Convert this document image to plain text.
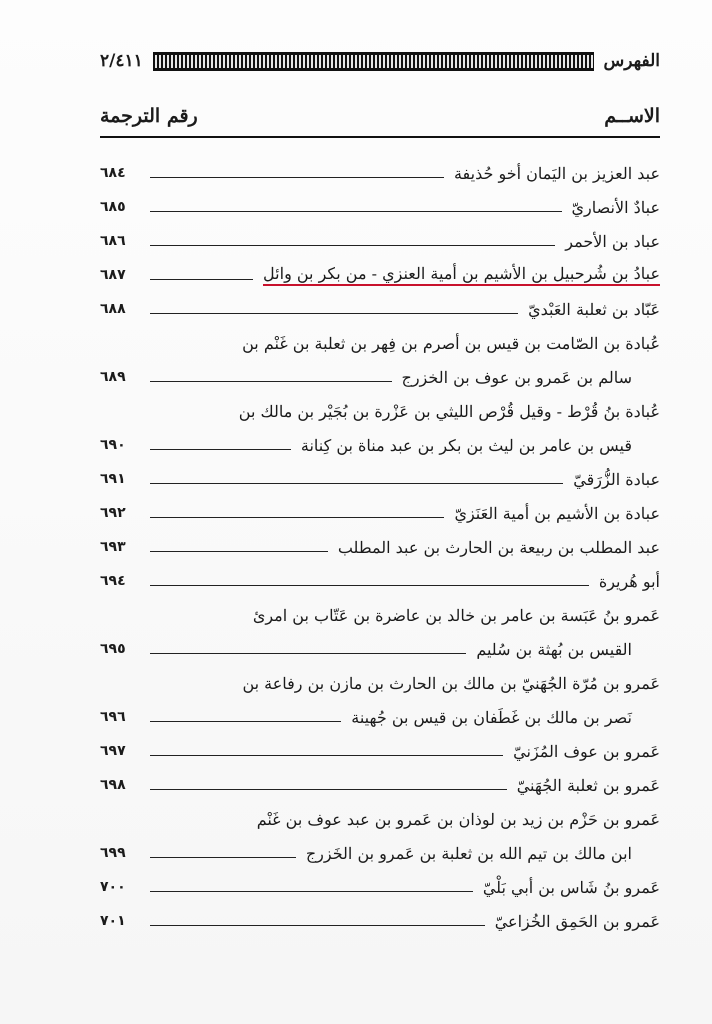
الفهرس
٢/٤١١
الاســم
رقم الترجمة
عبد العزيز بن اليَمان أخو حُذيفة
٦٨٤
عبادٌ الأنصاريّ
٦٨٥
عباد بن الأحمر
٦٨٦
عبادُ بن شُرحبيل بن الأشيم بن أمية العنزي - من بكر بن وائل
٦٨٧
عَبّاد بن ثعلبة العَبْديّ
٦٨٨
عُبادة بن الصّامت بن قيس بن أصرم بن فِهر بن ثعلبة بن غَنْم بن
سالم بن عَمرو بن عوف بن الخزرج
٦٨٩
عُبادة بنُ قُرْط - وقيل قُرْص الليثي بن عَزْرة بن بُجَيْر بن مالك بن
قيس بن عامر بن ليث بن بكر بن عبد مناة بن كِنانة
٦٩٠
عبادة الزُّرَقيّ
٦٩١
عبادة بن الأشيم بن أمية العَنَزيّ
٦٩٢
عبد المطلب بن ربيعة بن الحارث بن عبد المطلب
٦٩٣
أبو هُريرة
٦٩٤
عَمرو بنُ عَبَسة بن عامر بن خالد بن عاضرة بن عَتّاب بن امرئ
القيس بن بُهثة بن سُليم
٦٩٥
عَمرو بن مُرّة الجُهَنيّ بن مالك بن الحارث بن مازن بن رفاعة بن
نَصر بن مالك بن غَطَفان بن قيس بن جُهينة
٦٩٦
عَمرو بن عوف المُزَنيّ
٦٩٧
عَمرو بن ثعلبة الجُهَنيّ
٦٩٨
عَمرو بن حَزْم بن زيد بن لوذان بن عَمرو بن عبد عوف بن غَنْم
ابن مالك بن تيم الله بن ثعلبة بن عَمرو بن الخَزرج
٦٩٩
عَمرو بنُ شَاس بن أبي بَلْيّ
٧٠٠
عَمرو بن الحَمِق الخُزاعيّ
٧٠١
